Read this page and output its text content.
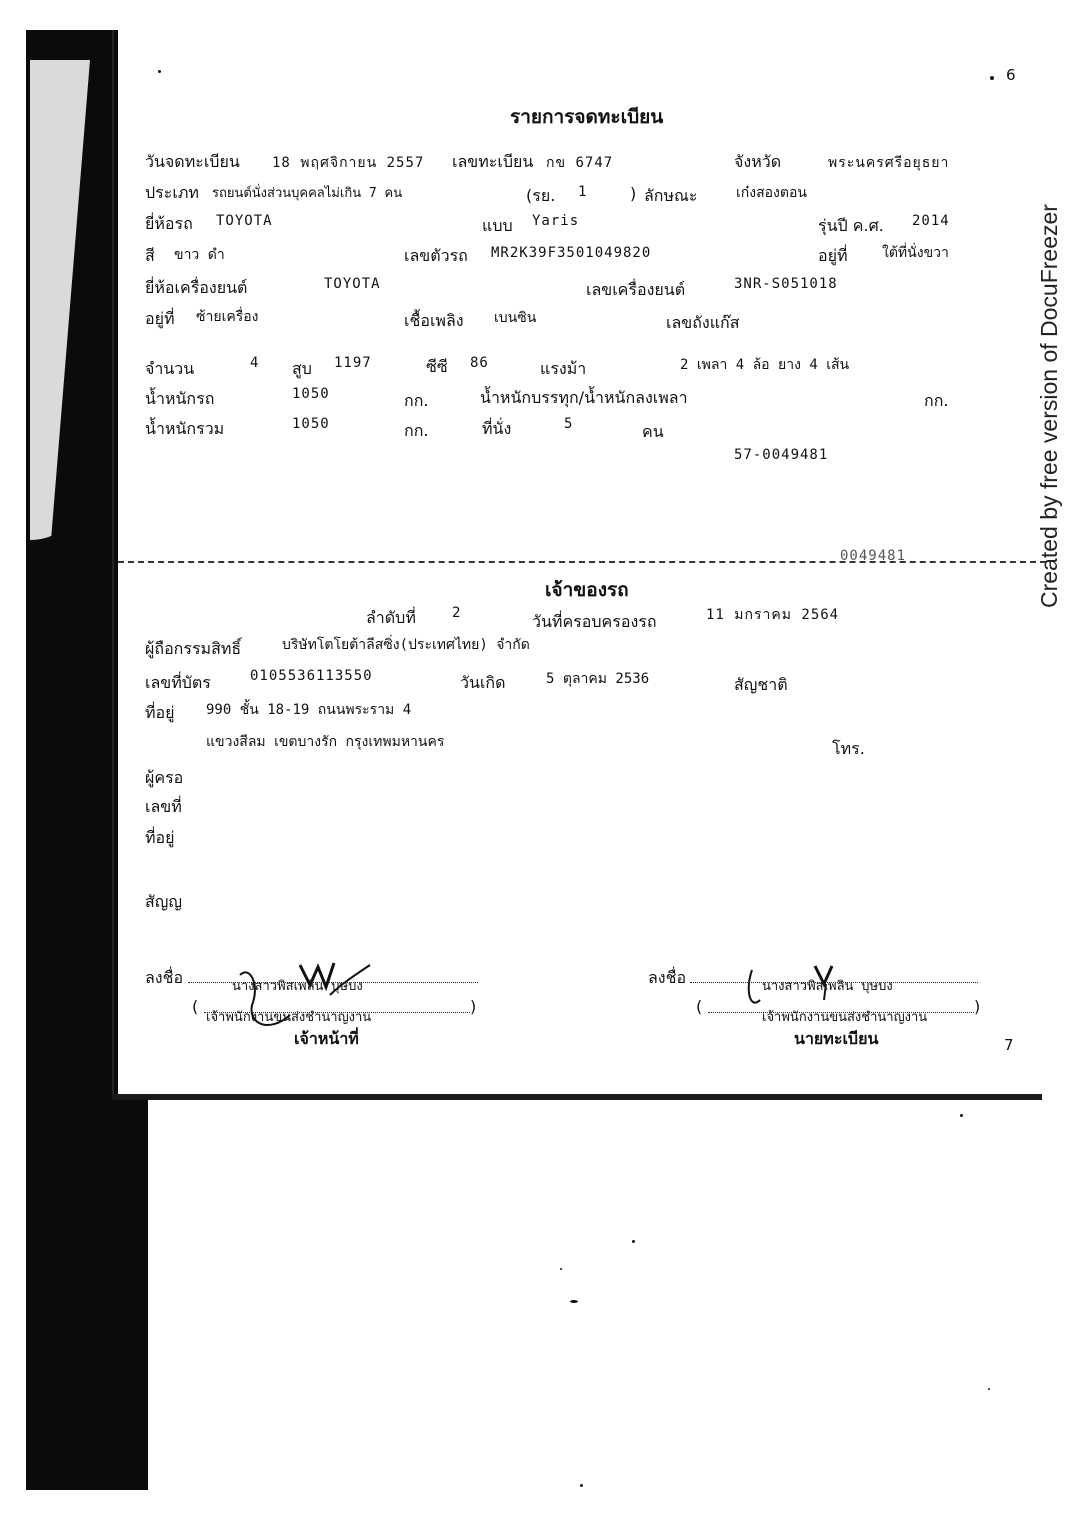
6
7
Created by free version of DocuFreezer
รายการจดทะเบียน
วันจดทะเบียน 18 พฤศจิกายน 2557 เลขทะเบียน กข 6747	จังหวัด	พระนครศรีอยุธยา
ประเภท รถยนต์นั่งส่วนบุคคลไม่เกิน 7 คน	(รย. 1	) ลักษณะ	เก๋งสองตอน
ยี่ห้อรถ TOYOTA	แบบ Yaris	รุ่นปี ค.ศ. 2014
สี ขาว ดำ	เลขตัวรถ MR2K39F3501049820	อยู่ที่ ใต้ที่นั่งขวา
ยี่ห้อเครื่องยนต์	TOYOTA	เลขเครื่องยนต์	3NR-S051018
อยู่ที่ ซ้ายเครื่อง	เชื้อเพลิง เบนซิน	เลขถังแก๊ส
จำนวน	4 สูบ 1197	ซีซี 86	แรงม้า	2 เพลา 4 ล้อ ยาง 4 เส้น
น้ำหนักรถ	1050	กก.	น้ำหนักบรรทุก/น้ำหนักลงเพลา	กก.
น้ำหนักรวม	1050	กก.	ที่นั่ง	5	คน
57-0049481
0049481
เจ้าของรถ
ลำดับที่	2	วันที่ครอบครองรถ	11 มกราคม 2564
ผู้ถือกรรมสิทธิ์	บริษัทโตโยต้าลีสซิ่ง(ประเทศไทย) จำกัด
เลขที่บัตร	0105536113550	วันเกิด	5 ตุลาคม 2536	สัญชาติ
ที่อยู่ 990 ชั้น 18-19 ถนนพระราม 4
แขวงสีลม เขตบางรัก กรุงเทพมหานคร	โทร.
ผู้ครอ
เลขที่
ที่อยู่
สัญญ
ลงชื่อ	นางสาวพิสเพลิน บุษบง
(
เจ้าพนักงานขนส่งชำนาญงาน
)
เจ้าหน้าที่
ลงชื่อ	นางสาวพิสเพลิน บุษบง
(
เจ้าพนักงานขนส่งชำนาญงาน
)
นายทะเบียน
